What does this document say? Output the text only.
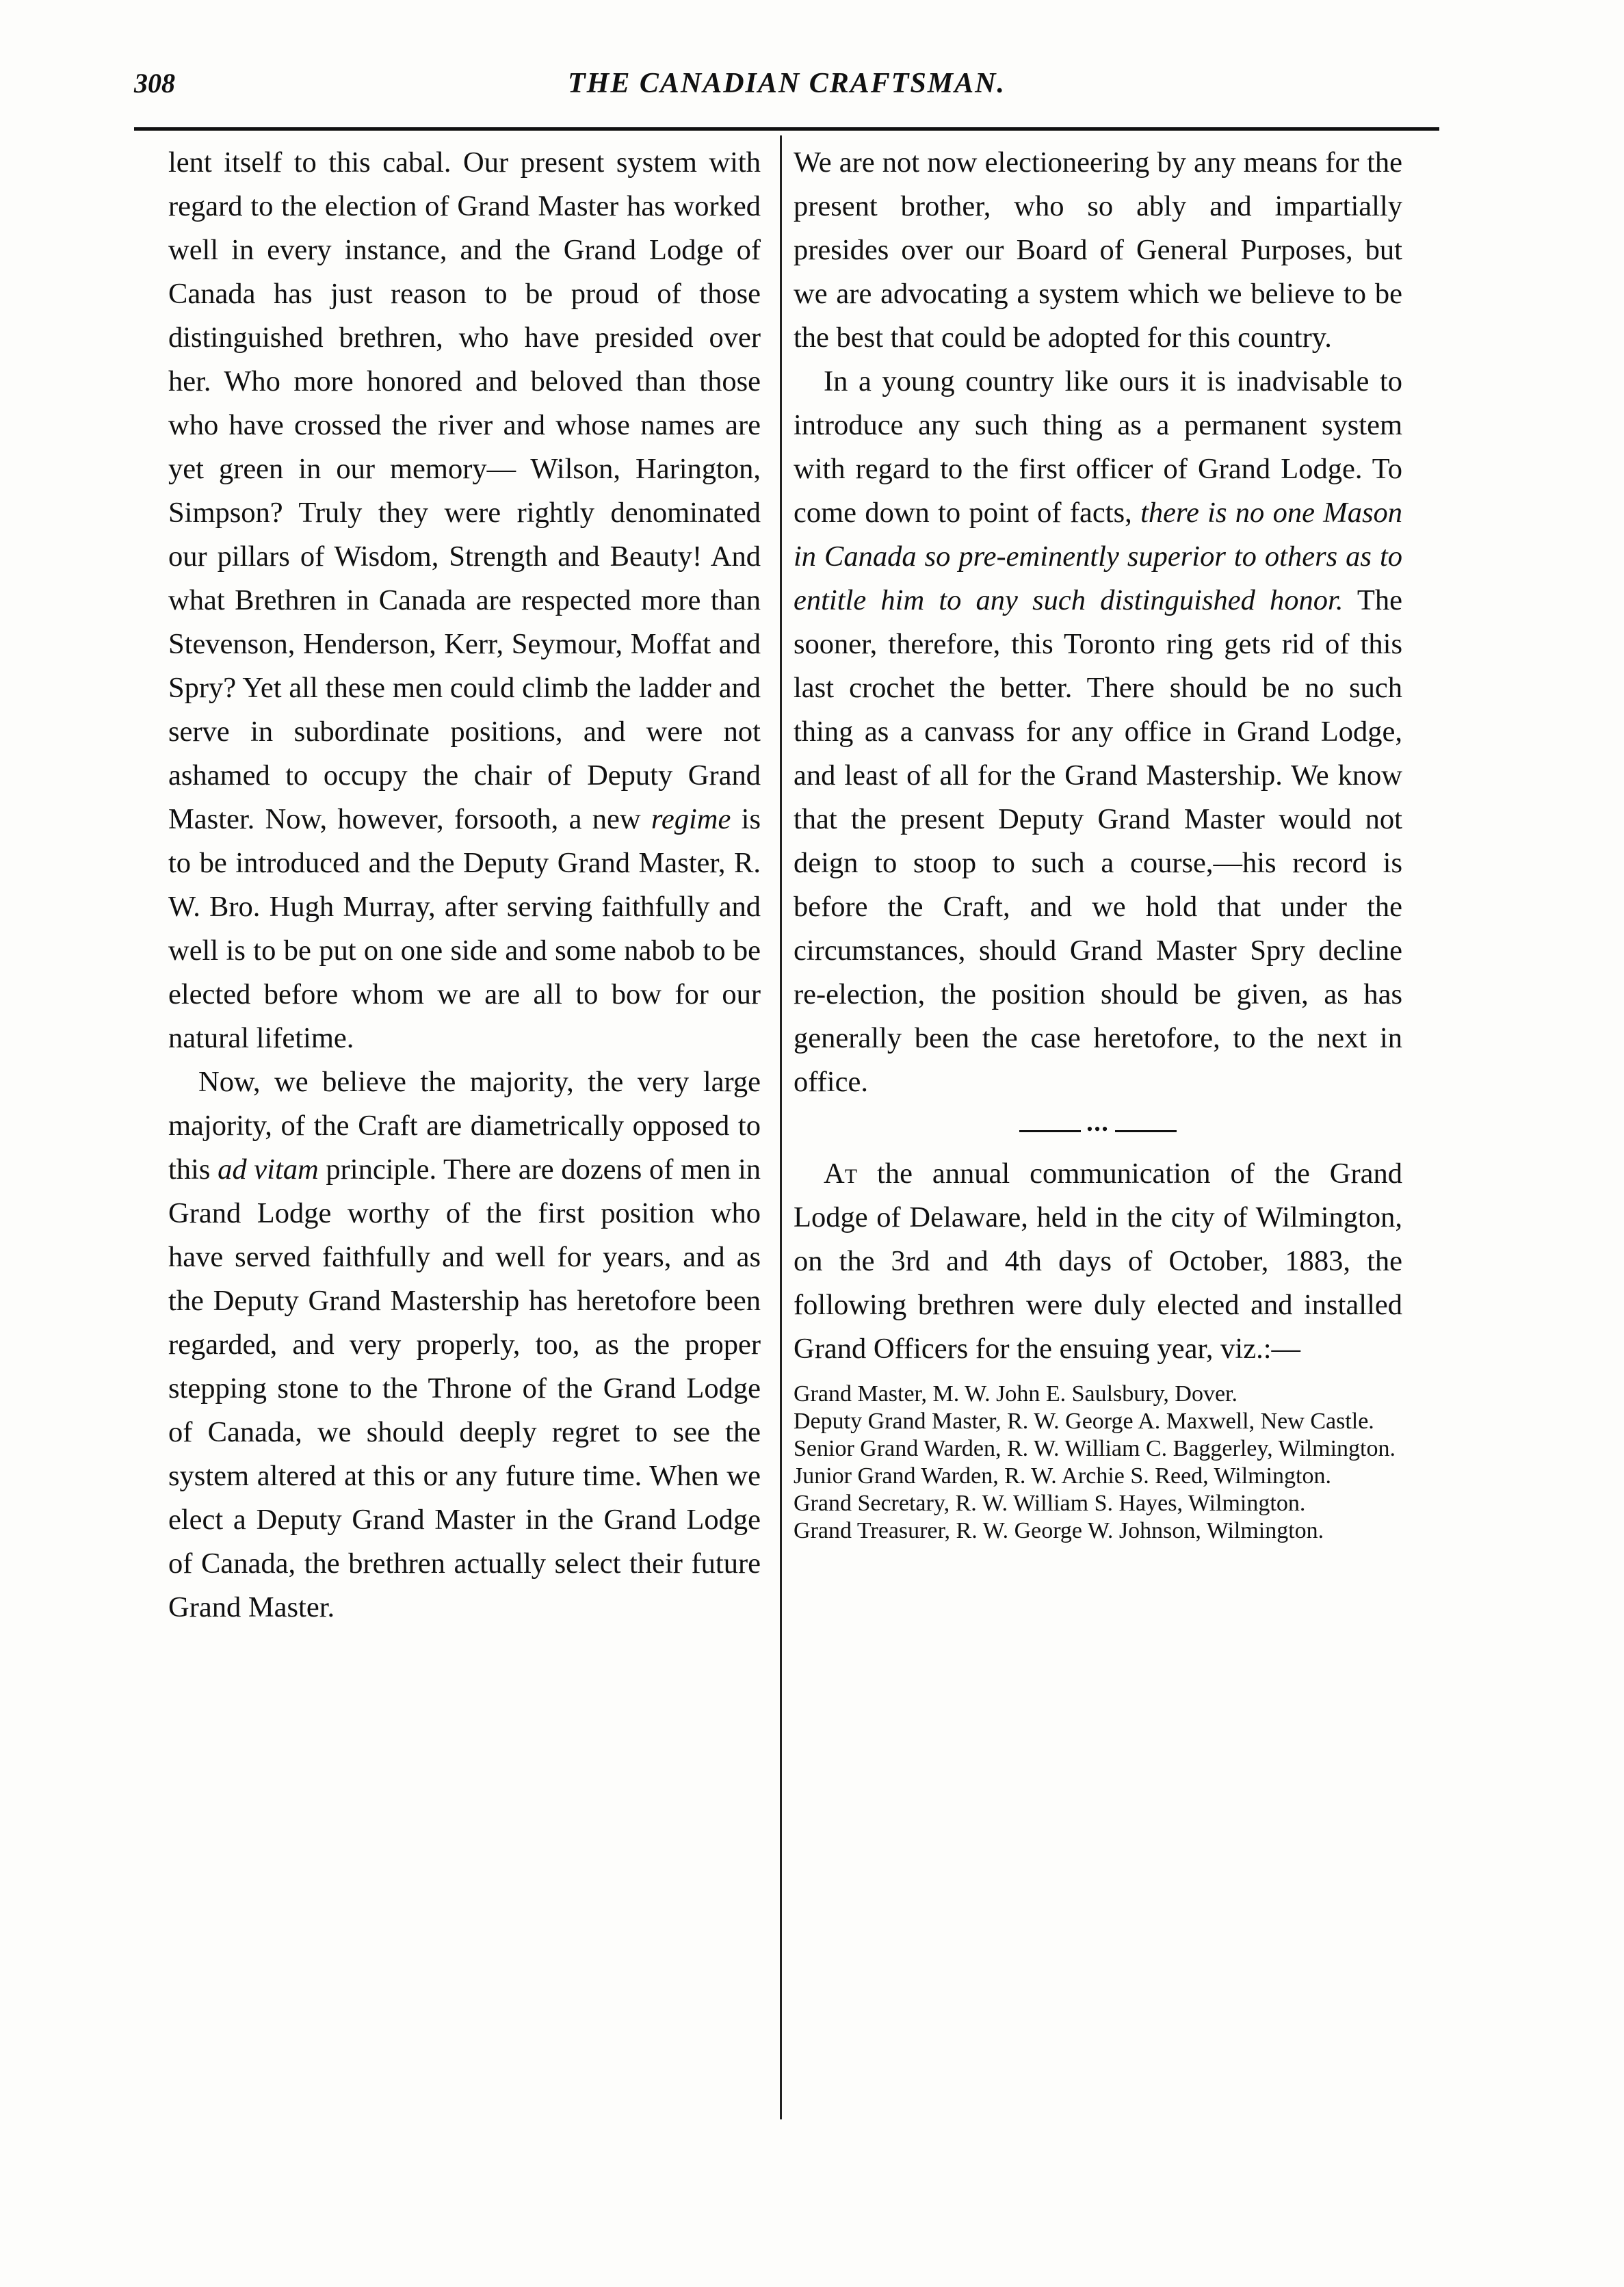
308	THE CANADIAN CRAFTSMAN.

lent itself to this cabal. Our present system with regard to the election of Grand Master has worked well in every instance, and the Grand Lodge of Canada has just reason to be proud of those distinguished brethren, who have presided over her. Who more honored and beloved than those who have crossed the river and whose names are yet green in our memory— Wilson, Harington, Simpson? Truly they were rightly denominated our pillars of Wisdom, Strength and Beauty! And what Brethren in Canada are respected more than Stevenson, Henderson, Kerr, Seymour, Moffat and Spry? Yet all these men could climb the ladder and serve in subordinate positions, and were not ashamed to occupy the chair of Deputy Grand Master. Now, however, forsooth, a new regime is to be introduced and the Deputy Grand Master, R. W. Bro. Hugh Murray, after serving faithfully and well is to be put on one side and some nabob to be elected before whom we are all to bow for our natural lifetime.

Now, we believe the majority, the very large majority, of the Craft are diametrically opposed to this ad vitam principle. There are dozens of men in Grand Lodge worthy of the first position who have served faithfully and well for years, and as the Deputy Grand Mastership has heretofore been regarded, and very properly, too, as the proper stepping stone to the Throne of the Grand Lodge of Canada, we should deeply regret to see the system altered at this or any future time. When we elect a Deputy Grand Master in the Grand Lodge of Canada, the brethren actually select their future Grand Master.

We are not now electioneering by any means for the present brother, who so ably and impartially presides over our Board of General Purposes, but we are advocating a system which we believe to be the best that could be adopted for this country.

In a young country like ours it is inadvisable to introduce any such thing as a permanent system with regard to the first officer of Grand Lodge. To come down to point of facts, there is no one Mason in Canada so pre-eminently superior to others as to entitle him to any such distinguished honor. The sooner, therefore, this Toronto ring gets rid of this last crochet the better. There should be no such thing as a canvass for any office in Grand Lodge, and least of all for the Grand Mastership. We know that the present Deputy Grand Master would not deign to stoop to such a course,—his record is before the Craft, and we hold that under the circumstances, should Grand Master Spry decline re-election, the position should be given, as has generally been the case heretofore, to the next in office.

•••

At the annual communication of the Grand Lodge of Delaware, held in the city of Wilmington, on the 3rd and 4th days of October, 1883, the following brethren were duly elected and installed Grand Officers for the ensuing year, viz.:—

Grand Master, M. W. John E. Saulsbury, Dover.

Deputy Grand Master, R. W. George A. Maxwell, New Castle.

Senior Grand Warden, R. W. William C. Baggerley, Wilmington.

Junior Grand Warden, R. W. Archie S. Reed, Wilmington.

Grand Secretary, R. W. William S. Hayes, Wilmington.

Grand Treasurer, R. W. George W. Johnson, Wilmington.
